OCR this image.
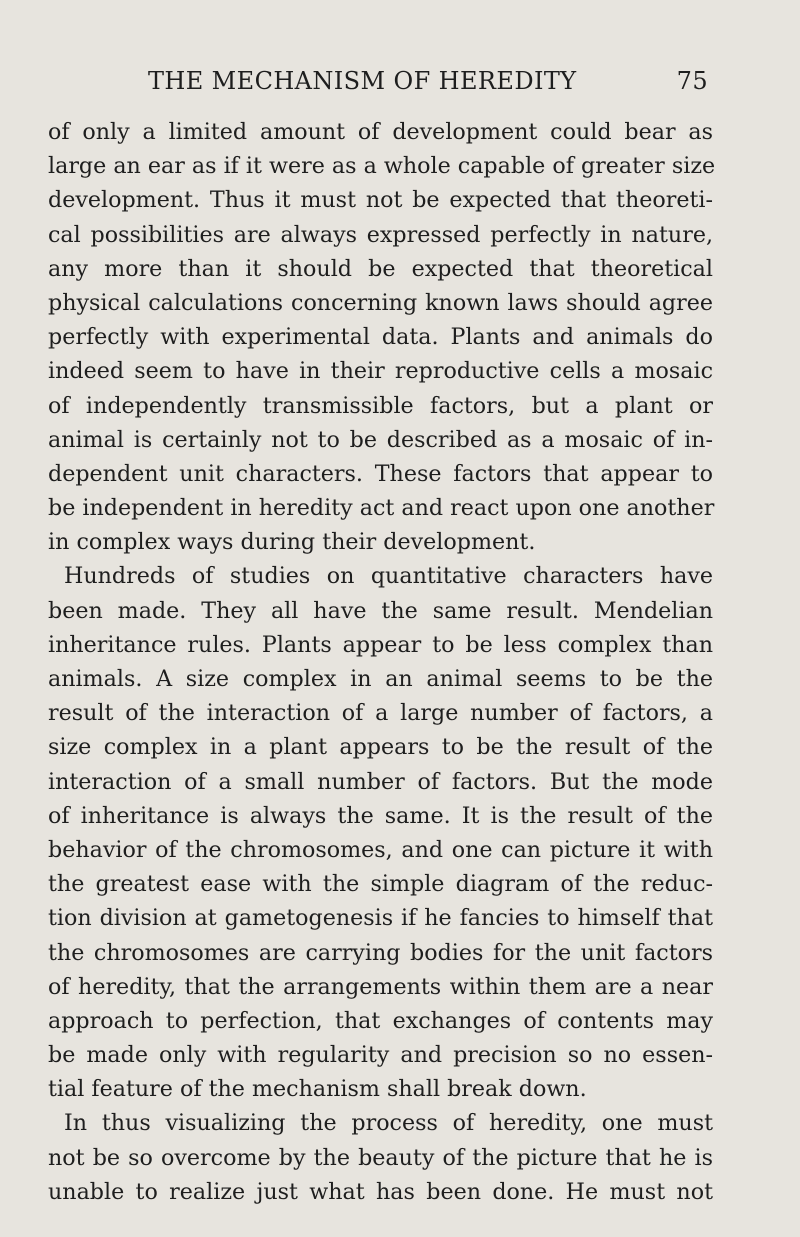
THE MECHANISM OF HEREDITY	75
of only a limited amount of development could bear as
large an ear as if it were as a whole capable of greater size
development. Thus it must not be expected that theoreti-
cal possibilities are always expressed perfectly in nature,
any more than it should be expected that theoretical
physical calculations concerning known laws should agree
perfectly with experimental data. Plants and animals do
indeed seem to have in their reproductive cells a mosaic
of independently transmissible factors, but a plant or
animal is certainly not to be described as a mosaic of in-
dependent unit characters. These factors that appear to
be independent in heredity act and react upon one another
in complex ways during their development.
Hundreds of studies on quantitative characters have
been made. They all have the same result. Mendelian
inheritance rules. Plants appear to be less complex than
animals. A size complex in an animal seems to be the
result of the interaction of a large number of factors, a
size complex in a plant appears to be the result of the
interaction of a small number of factors. But the mode
of inheritance is always the same. It is the result of the
behavior of the chromosomes, and one can picture it with
the greatest ease with the simple diagram of the reduc-
tion division at gametogenesis if he fancies to himself that
the chromosomes are carrying bodies for the unit factors
of heredity, that the arrangements within them are a near
approach to perfection, that exchanges of contents may
be made only with regularity and precision so no essen-
tial feature of the mechanism shall break down.
In thus visualizing the process of heredity, one must
not be so overcome by the beauty of the picture that he is
unable to realize just what has been done. He must not
